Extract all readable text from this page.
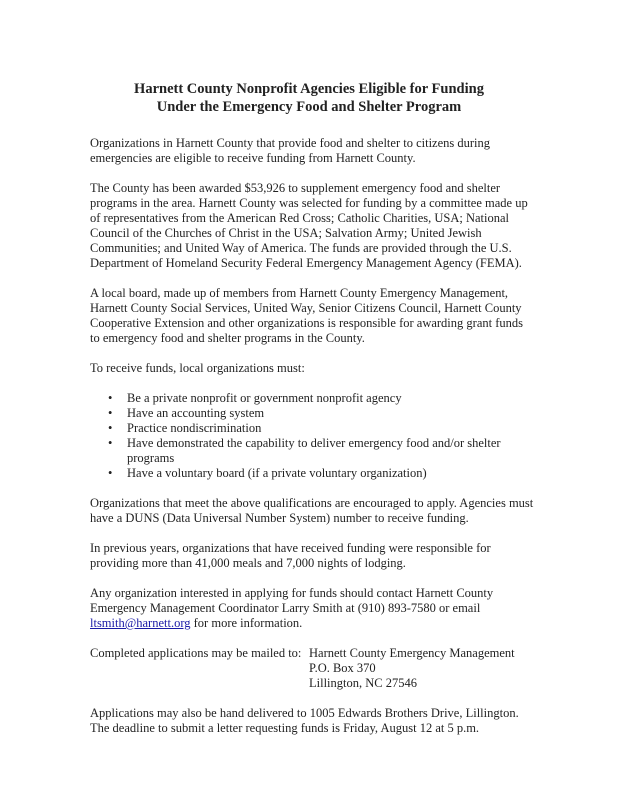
Harnett County Nonprofit Agencies Eligible for Funding
Under the Emergency Food and Shelter Program

Organizations in Harnett County that provide food and shelter to citizens during emergencies are eligible to receive funding from Harnett County.

The County has been awarded $53,926 to supplement emergency food and shelter programs in the area. Harnett County was selected for funding by a committee made up of representatives from the American Red Cross; Catholic Charities, USA; National Council of the Churches of Christ in the USA; Salvation Army; United Jewish Communities; and United Way of America. The funds are provided through the U.S. Department of Homeland Security Federal Emergency Management Agency (FEMA).

A local board, made up of members from Harnett County Emergency Management, Harnett County Social Services, United Way, Senior Citizens Council, Harnett County Cooperative Extension and other organizations is responsible for awarding grant funds to emergency food and shelter programs in the County.

To receive funds, local organizations must:

• Be a private nonprofit or government nonprofit agency
• Have an accounting system
• Practice nondiscrimination
• Have demonstrated the capability to deliver emergency food and/or shelter programs
• Have a voluntary board (if a private voluntary organization)

Organizations that meet the above qualifications are encouraged to apply. Agencies must have a DUNS (Data Universal Number System) number to receive funding.

In previous years, organizations that have received funding were responsible for providing more than 41,000 meals and 7,000 nights of lodging.

Any organization interested in applying for funds should contact Harnett County Emergency Management Coordinator Larry Smith at (910) 893-7580 or email ltsmith@harnett.org for more information.

Completed applications may be mailed to: Harnett County Emergency Management
P.O. Box 370
Lillington, NC 27546

Applications may also be hand delivered to 1005 Edwards Brothers Drive, Lillington. The deadline to submit a letter requesting funds is Friday, August 12 at 5 p.m.
